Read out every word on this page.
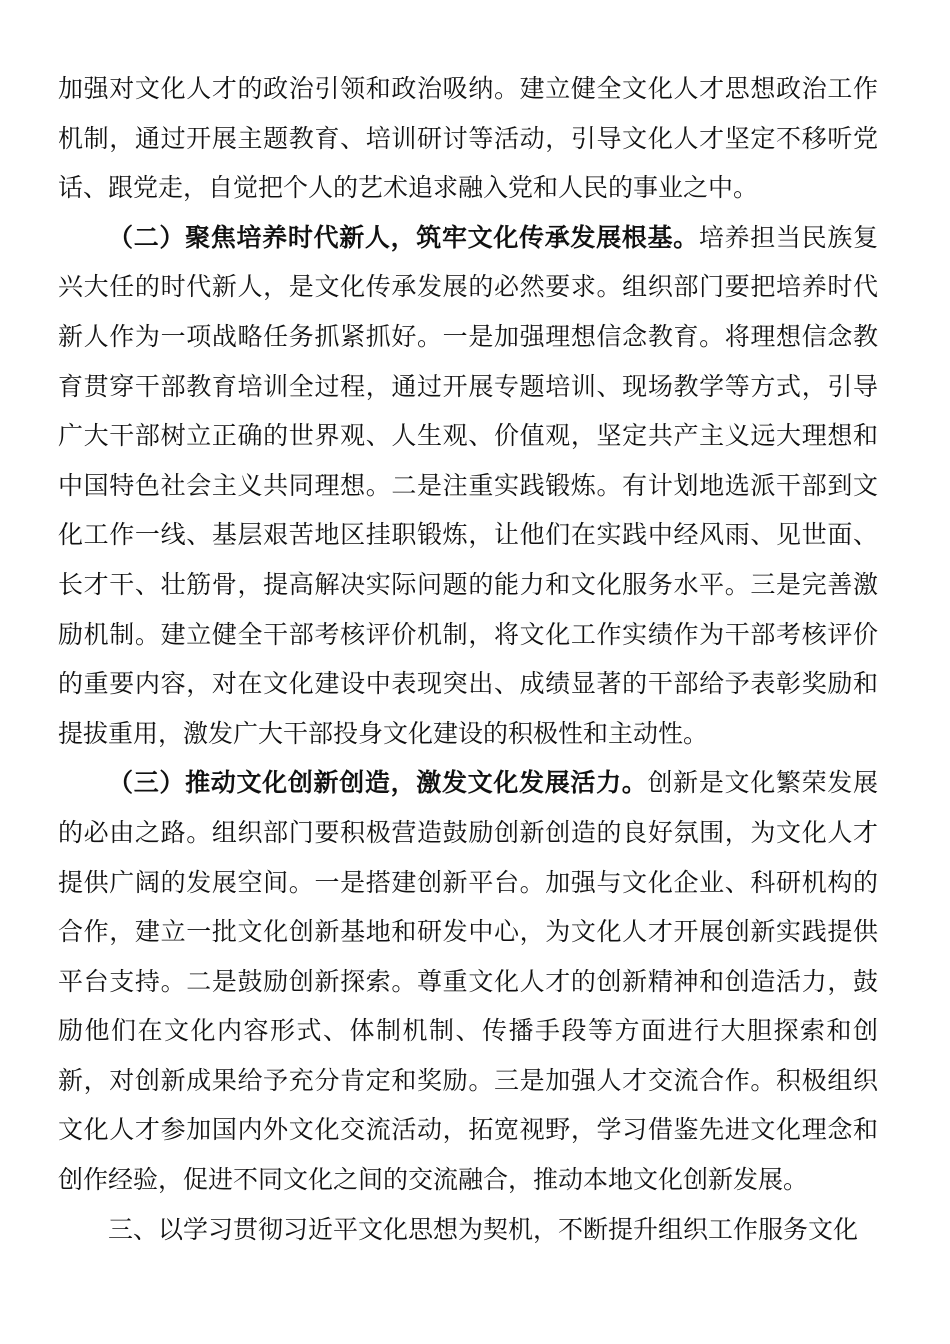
加强对文化人才的政治引领和政治吸纳。建立健全文化人才思想政治工作机制，通过开展主题教育、培训研讨等活动，引导文化人才坚定不移听党话、跟党走，自觉把个人的艺术追求融入党和人民的事业之中。

（二）聚焦培养时代新人，筑牢文化传承发展根基。培养担当民族复兴大任的时代新人，是文化传承发展的必然要求。组织部门要把培养时代新人作为一项战略任务抓紧抓好。一是加强理想信念教育。将理想信念教育贯穿干部教育培训全过程，通过开展专题培训、现场教学等方式，引导广大干部树立正确的世界观、人生观、价值观，坚定共产主义远大理想和中国特色社会主义共同理想。二是注重实践锻炼。有计划地选派干部到文化工作一线、基层艰苦地区挂职锻炼，让他们在实践中经风雨、见世面、长才干、壮筋骨，提高解决实际问题的能力和文化服务水平。三是完善激励机制。建立健全干部考核评价机制，将文化工作实绩作为干部考核评价的重要内容，对在文化建设中表现突出、成绩显著的干部给予表彰奖励和提拔重用，激发广大干部投身文化建设的积极性和主动性。

（三）推动文化创新创造，激发文化发展活力。创新是文化繁荣发展的必由之路。组织部门要积极营造鼓励创新创造的良好氛围，为文化人才提供广阔的发展空间。一是搭建创新平台。加强与文化企业、科研机构的合作，建立一批文化创新基地和研发中心，为文化人才开展创新实践提供平台支持。二是鼓励创新探索。尊重文化人才的创新精神和创造活力，鼓励他们在文化内容形式、体制机制、传播手段等方面进行大胆探索和创新，对创新成果给予充分肯定和奖励。三是加强人才交流合作。积极组织文化人才参加国内外文化交流活动，拓宽视野，学习借鉴先进文化理念和创作经验，促进不同文化之间的交流融合，推动本地文化创新发展。

三、以学习贯彻习近平文化思想为契机，不断提升组织工作服务文化
